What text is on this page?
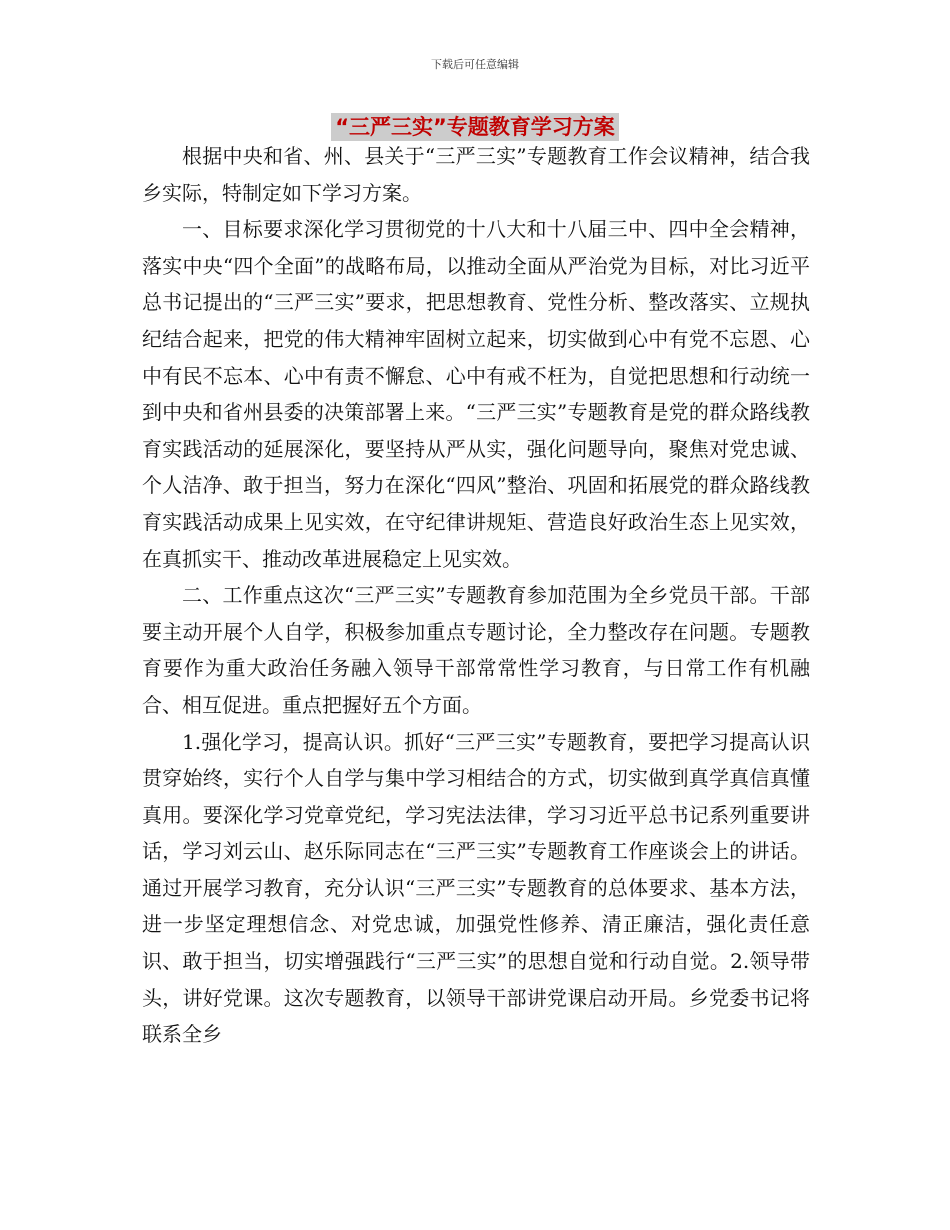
下载后可任意编辑
“三严三实”专题教育学习方案

根据中央和省、州、县关于“三严三实”专题教育工作会议精神，结合我乡实际，特制定如下学习方案。

一、目标要求深化学习贯彻党的十八大和十八届三中、四中全会精神，落实中央“四个全面”的战略布局，以推动全面从严治党为目标，对比习近平总书记提出的“三严三实”要求，把思想教育、党性分析、整改落实、立规执纪结合起来，把党的伟大精神牢固树立起来，切实做到心中有党不忘恩、心中有民不忘本、心中有责不懈怠、心中有戒不枉为，自觉把思想和行动统一到中央和省州县委的决策部署上来。“三严三实”专题教育是党的群众路线教育实践活动的延展深化，要坚持从严从实，强化问题导向，聚焦对党忠诚、个人洁净、敢于担当，努力在深化“四风”整治、巩固和拓展党的群众路线教育实践活动成果上见实效，在守纪律讲规矩、营造良好政治生态上见实效，在真抓实干、推动改革进展稳定上见实效。

二、工作重点这次“三严三实”专题教育参加范围为全乡党员干部。干部要主动开展个人自学，积极参加重点专题讨论，全力整改存在问题。专题教育要作为重大政治任务融入领导干部常常性学习教育，与日常工作有机融合、相互促进。重点把握好五个方面。

1.强化学习，提高认识。抓好“三严三实”专题教育，要把学习提高认识贯穿始终，实行个人自学与集中学习相结合的方式，切实做到真学真信真懂真用。要深化学习党章党纪，学习宪法法律，学习习近平总书记系列重要讲话，学习刘云山、赵乐际同志在“三严三实”专题教育工作座谈会上的讲话。通过开展学习教育，充分认识“三严三实”专题教育的总体要求、基本方法，进一步坚定理想信念、对党忠诚，加强党性修养、清正廉洁，强化责任意识、敢于担当，切实增强践行“三严三实”的思想自觉和行动自觉。2.领导带头，讲好党课。这次专题教育，以领导干部讲党课启动开局。乡党委书记将联系全乡
